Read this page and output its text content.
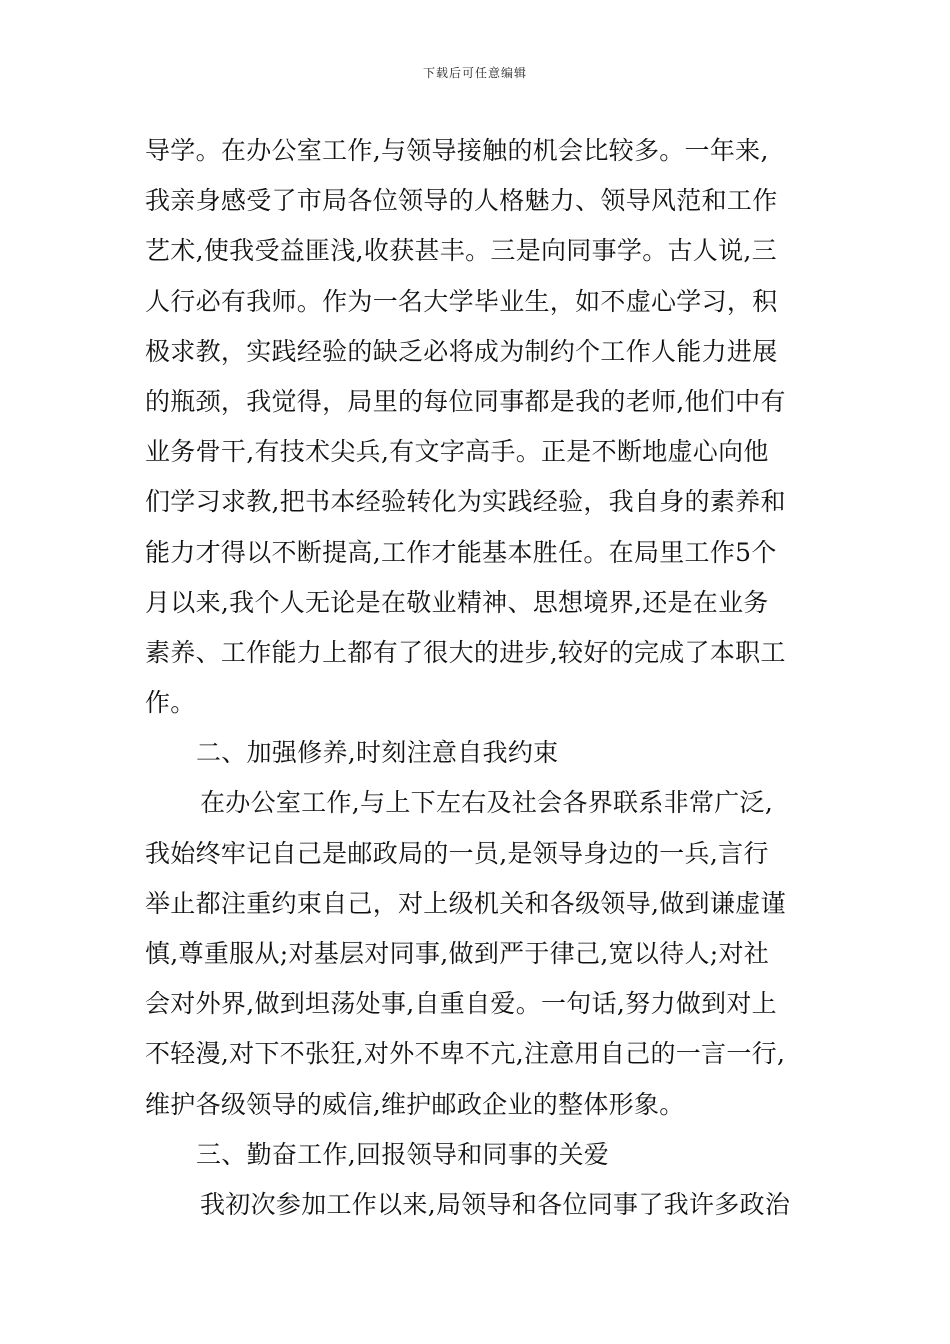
下载后可任意编辑
导学。在办公室工作,与领导接触的机会比较多。一年来,
我亲身感受了市局各位领导的人格魅力、领导风范和工作
艺术,使我受益匪浅,收获甚丰。三是向同事学。古人说,三
人行必有我师。作为一名大学毕业生，如不虚心学习，积
极求教，实践经验的缺乏必将成为制约个工作人能力进展
的瓶颈，我觉得，局里的每位同事都是我的老师,他们中有
业务骨干,有技术尖兵,有文字高手。正是不断地虚心向他
们学习求教,把书本经验转化为实践经验，我自身的素养和
能力才得以不断提高,工作才能基本胜任。在局里工作5个
月以来,我个人无论是在敬业精神、思想境界,还是在业务
素养、工作能力上都有了很大的进步,较好的完成了本职工
作。
二、加强修养,时刻注意自我约束
在办公室工作,与上下左右及社会各界联系非常广泛,
我始终牢记自己是邮政局的一员,是领导身边的一兵,言行
举止都注重约束自己，对上级机关和各级领导,做到谦虚谨
慎,尊重服从;对基层对同事,做到严于律己,宽以待人;对社
会对外界,做到坦荡处事,自重自爱。一句话,努力做到对上
不轻漫,对下不张狂,对外不卑不亢,注意用自己的一言一行,
维护各级领导的威信,维护邮政企业的整体形象。
三、勤奋工作,回报领导和同事的关爱
我初次参加工作以来,局领导和各位同事了我许多政治
